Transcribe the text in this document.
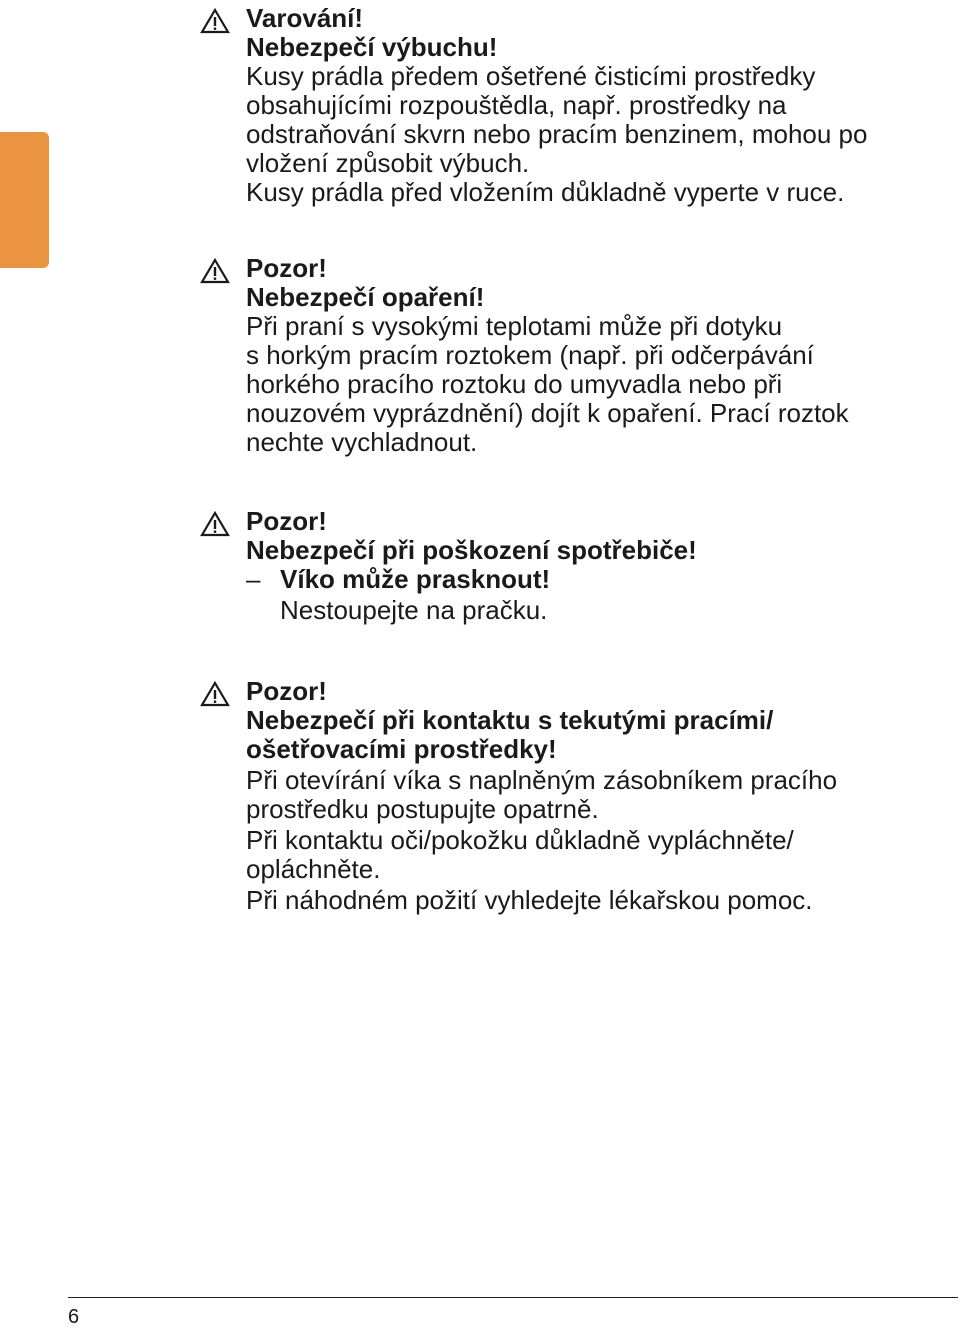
Varování!
Nebezpečí výbuchu!
Kusy prádla předem ošetřené čisticími prostředky
obsahujícími rozpouštědla, např. prostředky na
odstraňování skvrn nebo pracím benzinem, mohou po
vložení způsobit výbuch.
Kusy prádla před vložením důkladně vyperte v ruce.
Pozor!
Nebezpečí opaření!
Při praní s vysokými teplotami může při dotyku
s horkým pracím roztokem (např. při odčerpávání
horkého pracího roztoku do umyvadla nebo při
nouzovém vyprázdnění) dojít k opaření. Prací roztok
nechte vychladnout.
Pozor!
Nebezpečí při poškození spotřebiče!
– Víko může prasknout!
Nestoupejte na pračku.
Pozor!
Nebezpečí při kontaktu s tekutými pracími/
ošetřovacími prostředky!
Při otevírání víka s naplněným zásobníkem pracího
prostředku postupujte opatrně.
Při kontaktu oči/pokožku důkladně vypláchněte/
opláchněte.
Při náhodném požití vyhledejte lékařskou pomoc.
6
